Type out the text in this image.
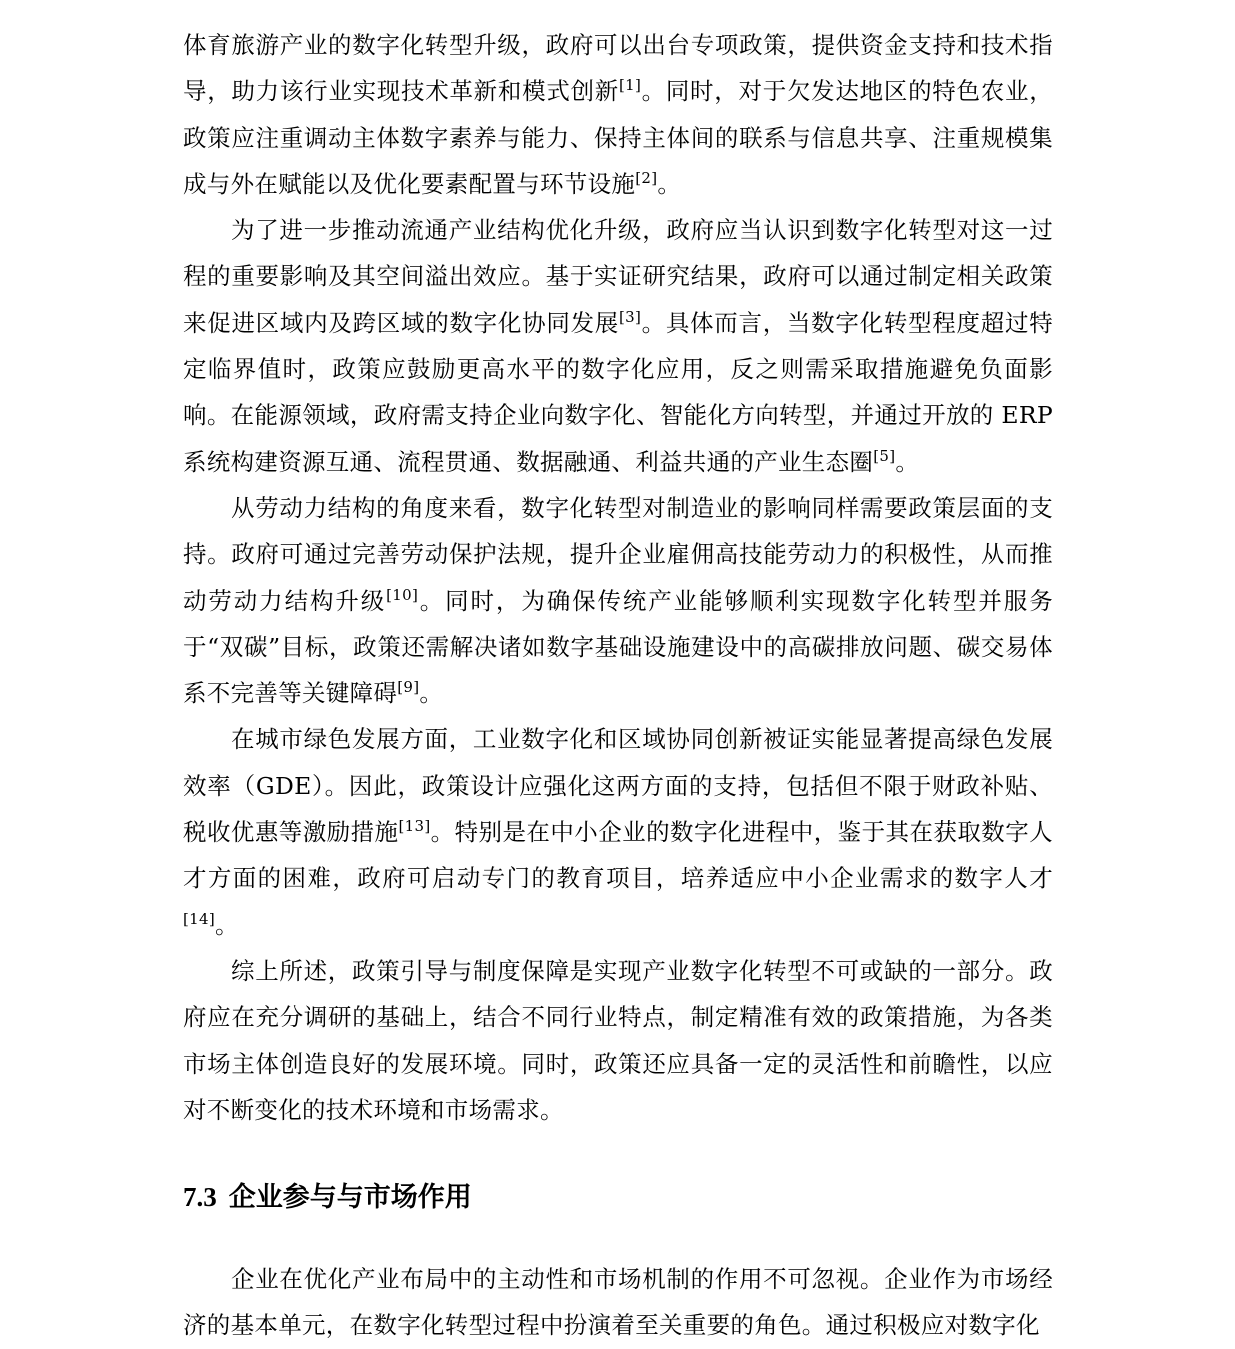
体育旅游产业的数字化转型升级，政府可以出台专项政策，提供资金支持和技术指导，助力该行业实现技术革新和模式创新[1]。同时，对于欠发达地区的特色农业，政策应注重调动主体数字素养与能力、保持主体间的联系与信息共享、注重规模集成与外在赋能以及优化要素配置与环节设施[2]。

为了进一步推动流通产业结构优化升级，政府应当认识到数字化转型对这一过程的重要影响及其空间溢出效应。基于实证研究结果，政府可以通过制定相关政策来促进区域内及跨区域的数字化协同发展[3]。具体而言，当数字化转型程度超过特定临界值时，政策应鼓励更高水平的数字化应用，反之则需采取措施避免负面影响。在能源领域，政府需支持企业向数字化、智能化方向转型，并通过开放的 ERP 系统构建资源互通、流程贯通、数据融通、利益共通的产业生态圈[5]。

从劳动力结构的角度来看，数字化转型对制造业的影响同样需要政策层面的支持。政府可通过完善劳动保护法规，提升企业雇佣高技能劳动力的积极性，从而推动劳动力结构升级[10]。同时，为确保传统产业能够顺利实现数字化转型并服务于“双碳”目标，政策还需解决诸如数字基础设施建设中的高碳排放问题、碳交易体系不完善等关键障碍[9]。

在城市绿色发展方面，工业数字化和区域协同创新被证实能显著提高绿色发展效率（GDE）。因此，政策设计应强化这两方面的支持，包括但不限于财政补贴、税收优惠等激励措施[13]。特别是在中小企业的数字化进程中，鉴于其在获取数字人才方面的困难，政府可启动专门的教育项目，培养适应中小企业需求的数字人才[14]。

综上所述，政策引导与制度保障是实现产业数字化转型不可或缺的一部分。政府应在充分调研的基础上，结合不同行业特点，制定精准有效的政策措施，为各类市场主体创造良好的发展环境。同时，政策还应具备一定的灵活性和前瞻性，以应对不断变化的技术环境和市场需求。

7.3 企业参与与市场作用

企业在优化产业布局中的主动性和市场机制的作用不可忽视。企业作为市场经济的基本单元，在数字化转型过程中扮演着至关重要的角色。通过积极应对数字化
